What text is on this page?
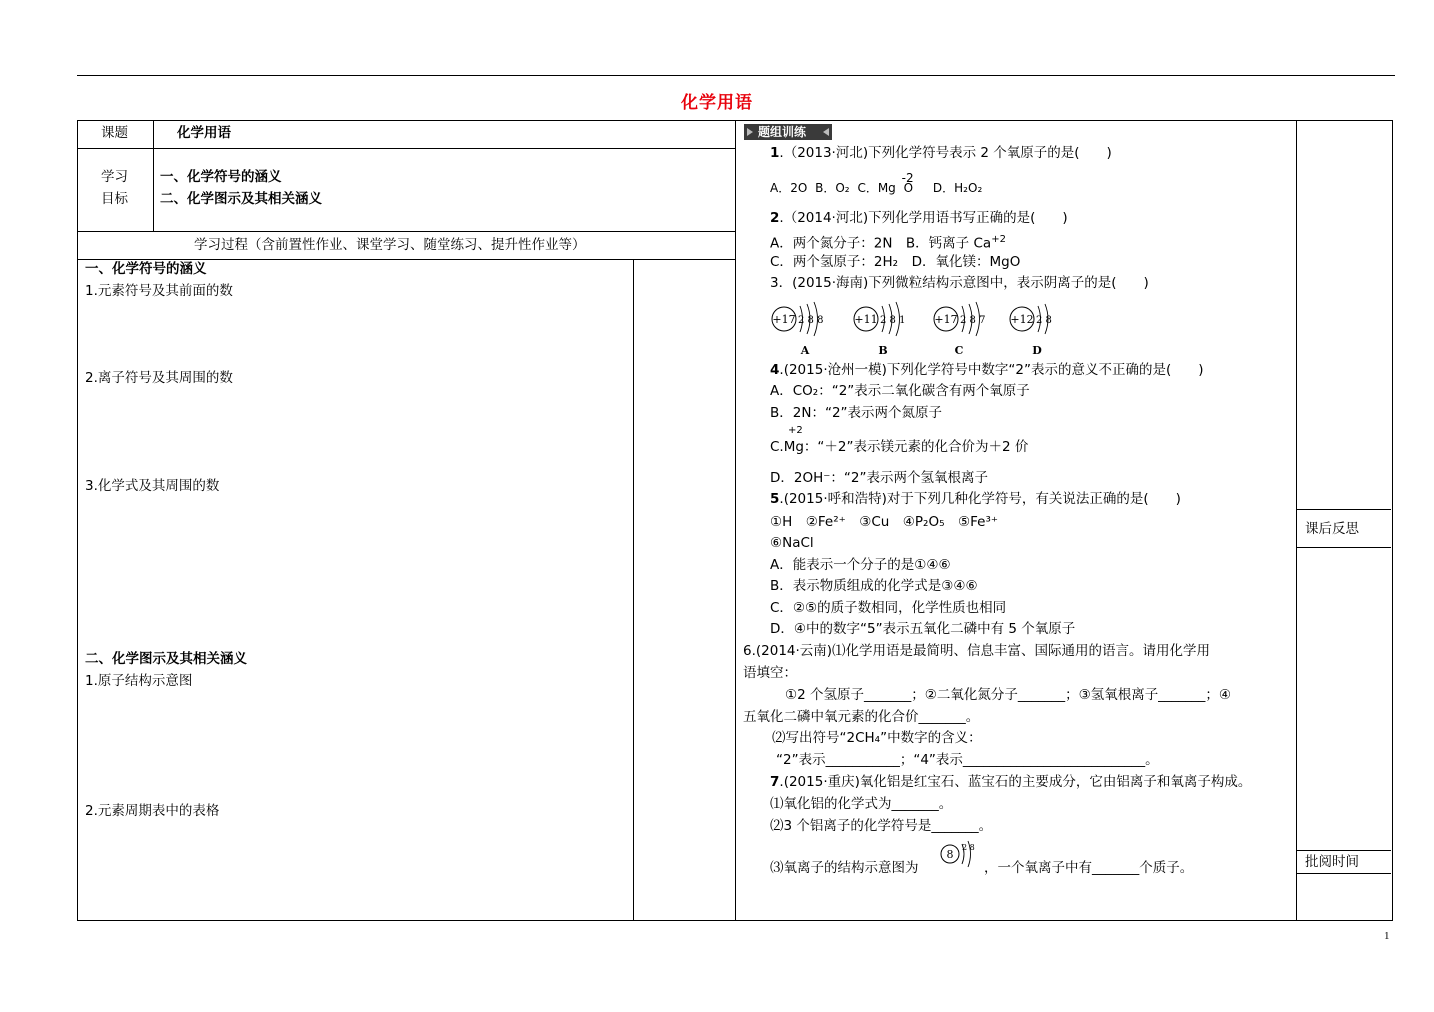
化学用语
课题	化学用语
学习
目标
一、化学符号的涵义
二、化学图示及其相关涵义
学习过程（含前置性作业、课堂学习、随堂练习、提升性作业等）
一、化学符号的涵义
1.元素符号及其前面的数
2.离子符号及其周围的数
3.化学式及其周围的数
二、化学图示及其相关涵义
1.原子结构示意图
2.元素周期表中的表格
课后反思
批阅时间
题组训练
1.（2013·河北)下列化学符号表示 2 个氧原子的是(　　)
A．2O B．O₂ C．Mg
-2
O D．H₂O₂
2.（2014·河北)下列化学用语书写正确的是(　　)
A．两个氮分子：2N　B．钙离子 $Ca^{+2}$
C．两个氢原子：2H₂　D．氧化镁：MgO
3．(2015·海南)下列微粒结构示意图中，表示阴离子的是(　　)
+17 2 8 8
A
+11 2 8 1
B
+17 2 8 7
C
+12 2 8
D
4.(2015·沧州一模)下列化学符号中数字“2”表示的意义不正确的是(　　)
A．CO₂：“2”表示二氧化碳含有两个氧原子
B．2N：“2”表示两个氮原子
+2
C.Mg：“＋2”表示镁元素的化合价为＋2 价
D．2OH⁻：“2”表示两个氢氧根离子
5.(2015·呼和浩特)对于下列几种化学符号，有关说法正确的是(　　)
①H　②Fe²⁺　③Cu　④P₂O₅　⑤Fe³⁺
⑥NaCl
A．能表示一个分子的是①④⑥
B．表示物质组成的化学式是③④⑥
C．②⑤的质子数相同，化学性质也相同
D．④中的数字“5”表示五氧化二磷中有 5 个氧原子
6.(2014·云南)⑴化学用语是最简明、信息丰富、国际通用的语言。请用化学用
语填空：
①2 个氢原子_______；②二氧化氮分子_______；③氢氧根离子_______；④
五氧化二磷中氧元素的化合价_______。
⑵写出符号“2CH₄”中数字的含义：
“2”表示___________；“4”表示___________________________。
7.(2015·重庆)氧化铝是红宝石、蓝宝石的主要成分，它由铝离子和氧离子构成。
⑴氧化铝的化学式为_______。
⑵3 个铝离子的化学符号是_______。
⑶氧离子的结构示意图为
8
2 8
，一个氧离子中有_______个质子。
1
